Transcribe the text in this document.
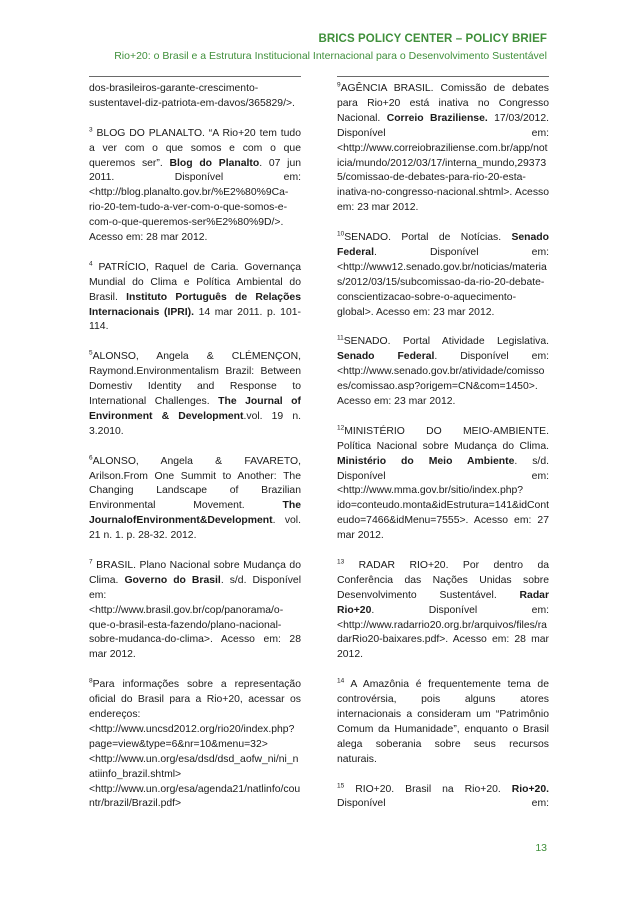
BRICS POLICY CENTER – POLICY BRIEF
Rio+20: o Brasil e a Estrutura Institucional Internacional para o Desenvolvimento Sustentável

dos-brasileiros-garante-crescimento-sustentavel-diz-patriota-em-davos/365829/>.

$^3$ BLOG DO PLANALTO. “A Rio+20 tem tudo a ver com o que somos e com o que queremos ser”. Blog do Planalto. 07 jun 2011. Disponível em: <http://blog.planalto.gov.br/%E2%80%9Ca-rio-20-tem-tudo-a-ver-com-o-que-somos-e-com-o-que-queremos-ser%E2%80%9D/>. Acesso em: 28 mar 2012.

$^4$ PATRÍCIO, Raquel de Caria. Governança Mundial do Clima e Política Ambiental do Brasil. Instituto Português de Relações Internacionais (IPRI). 14 mar 2011. p. 101-114.

$^5$ALONSO, Angela & CLÉMENÇON, Raymond.Environmentalism Brazil: Between Domestiv Identity and Response to International Challenges. The Journal of Environment & Development.vol. 19 n. 3.2010.

$^6$ALONSO, Angela & FAVARETO, Arilson.From One Summit to Another: The Changing Landscape of Brazilian Environmental Movement. The JournalofEnvironment&Development. vol. 21 n. 1. p. 28-32. 2012.

$^7$ BRASIL. Plano Nacional sobre Mudança do Clima. Governo do Brasil. s/d. Disponível em: <http://www.brasil.gov.br/cop/panorama/o-que-o-brasil-esta-fazendo/plano-nacional-sobre-mudanca-do-clima>. Acesso em: 28 mar 2012.

$^8$Para informações sobre a representação oficial do Brasil para a Rio+20, acessar os endereços: <http://www.uncsd2012.org/rio20/index.php?page=view&type=6&nr=10&menu=32> <http://www.un.org/esa/dsd/dsd_aofw_ni/ni_natiinfo_brazil.shtml> <http://www.un.org/esa/agenda21/natlinfo/countr/brazil/Brazil.pdf>

$^9$AGÊNCIA BRASIL. Comissão de debates para Rio+20 está inativa no Congresso Nacional. Correio Braziliense. 17/03/2012. Disponível em: <http://www.correiobraziliense.com.br/app/noticia/mundo/2012/03/17/interna_mundo,293735/comissao-de-debates-para-rio-20-esta-inativa-no-congresso-nacional.shtml>. Acesso em: 23 mar 2012.

$^{10}$SENADO. Portal de Notícias. Senado Federal. Disponível em: <http://www12.senado.gov.br/noticias/materias/2012/03/15/subcomissao-da-rio-20-debate-conscientizacao-sobre-o-aquecimento-global>. Acesso em: 23 mar 2012.

$^{11}$SENADO. Portal Atividade Legislativa. Senado Federal. Disponível em: <http://www.senado.gov.br/atividade/comissoes/comissao.asp?origem=CN&com=1450>. Acesso em: 23 mar 2012.

$^{12}$MINISTÉRIO DO MEIO-AMBIENTE. Política Nacional sobre Mudança do Clima. Ministério do Meio Ambiente. s/d. Disponível em: <http://www.mma.gov.br/sitio/index.php?ido=conteudo.monta&idEstrutura=141&idConteudo=7466&idMenu=7555>. Acesso em: 27 mar 2012.

$^{13}$ RADAR RIO+20. Por dentro da Conferência das Nações Unidas sobre Desenvolvimento Sustentável. Radar Rio+20. Disponível em: <http://www.radarrio20.org.br/arquivos/files/radarRio20-baixares.pdf>. Acesso em: 28 mar 2012.

$^{14}$ A Amazônia é frequentemente tema de controvérsia, pois alguns atores internacionais a consideram um “Patrimônio Comum da Humanidade”, enquanto o Brasil alega soberania sobre seus recursos naturais.

$^{15}$ RIO+20. Brasil na Rio+20. Rio+20. Disponível em:

13
